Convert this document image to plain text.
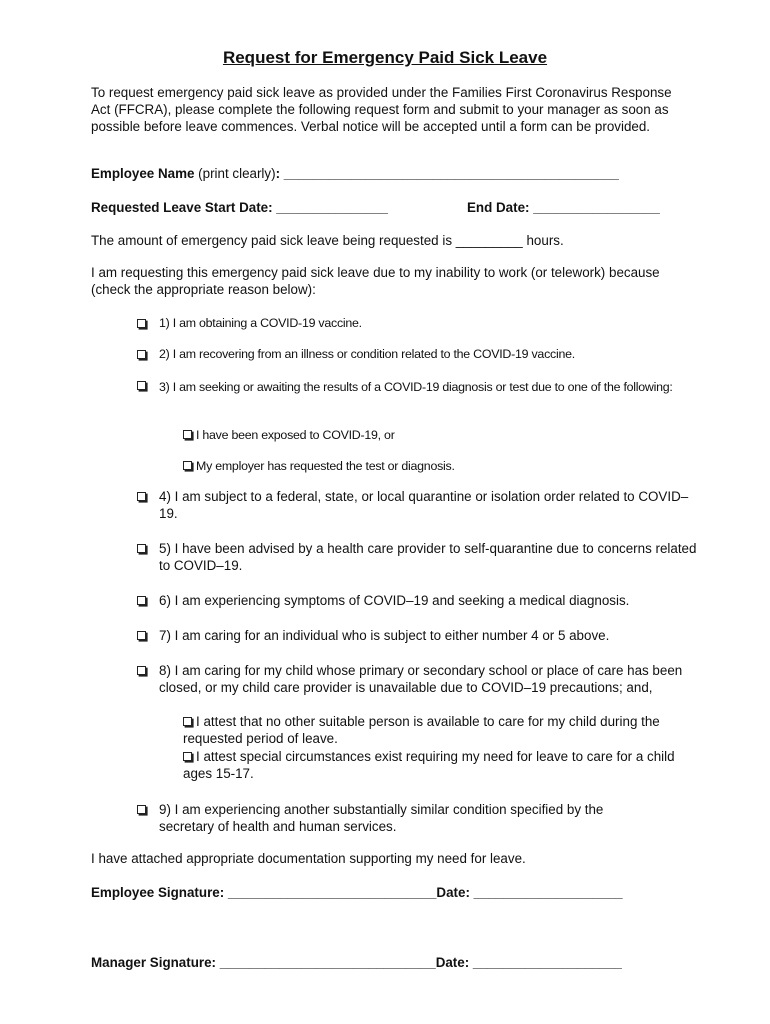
Request for Emergency Paid Sick Leave
To request emergency paid sick leave as provided under the Families First Coronavirus Response Act (FFCRA), please complete the following request form and submit to your manager as soon as possible before leave commences. Verbal notice will be accepted until a form can be provided.
Employee Name (print clearly): _____________________________________________
Requested Leave Start Date: _______________	End Date: _________________
The amount of emergency paid sick leave being requested is _________ hours.
I am requesting this emergency paid sick leave due to my inability to work (or telework) because (check the appropriate reason below):
1) I am obtaining a COVID-19 vaccine.
2) I am recovering from an illness or condition related to the COVID-19 vaccine.
3) I am seeking or awaiting the results of a COVID-19 diagnosis or test due to one of the following:
I have been exposed to COVID-19, or
My employer has requested the test or diagnosis.
4) I am subject to a federal, state, or local quarantine or isolation order related to COVID–19.
5) I have been advised by a health care provider to self-quarantine due to concerns related to COVID–19.
6) I am experiencing symptoms of COVID–19 and seeking a medical diagnosis.
7) I am caring for an individual who is subject to either number 4 or 5 above.
8) I am caring for my child whose primary or secondary school or place of care has been closed, or my child care provider is unavailable due to COVID–19 precautions; and,
I attest that no other suitable person is available to care for my child during the requested period of leave.
I attest special circumstances exist requiring my need for leave to care for a child ages 15-17.
9) I am experiencing another substantially similar condition specified by the secretary of health and human services.
I have attached appropriate documentation supporting my need for leave.
Employee Signature: ____________________________Date: ____________________
Manager Signature: _____________________________Date: ____________________
